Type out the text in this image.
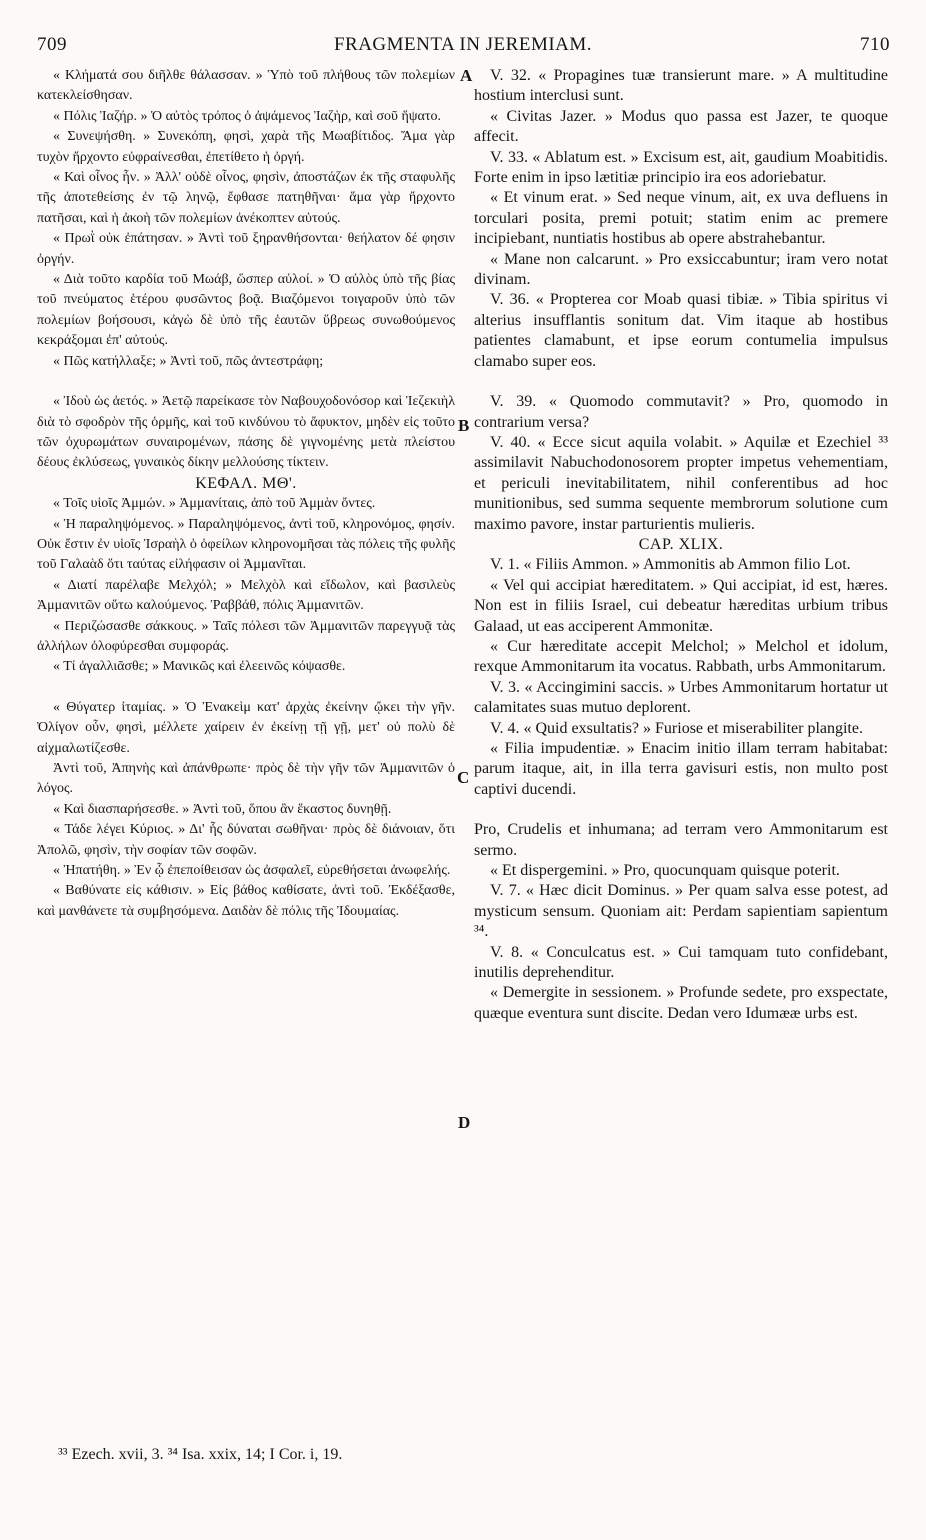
709	FRAGMENTA IN JEREMIAM.	710
A
B
C
D

« Κλήματά σου διῆλθε θάλασσαν. » Ὑπὸ τοῦ πλήθους τῶν πολεμίων κατεκλείσθησαν.

« Πόλις Ἰαζήρ. » Ὁ αὐτὸς τρόπος ὁ ἀψάμενος Ἰαζὴρ, καὶ σοῦ ἥψατο.

« Συνεψήσθη. » Συνεκόπη, φησὶ, χαρὰ τῆς Μωαβίτιδος. Ἅμα γὰρ τυχὸν ἤρχοντο εὐφραίνεσθαι, ἐπετίθετο ἡ ὀργή.

« Καὶ οἶνος ἦν. » Ἀλλ' οὐδὲ οἶνος, φησὶν, ἀποστάζων ἐκ τῆς σταφυλῆς τῆς ἀποτεθείσης ἐν τῷ ληνῷ, ἔφθασε πατηθῆναι· ἅμα γὰρ ἤρχοντο πατῆσαι, καὶ ἡ ἀκοὴ τῶν πολεμίων ἀνέκοπτεν αὐτούς.

« Πρωῒ οὐκ ἐπάτησαν. » Ἀντὶ τοῦ ξηρανθήσονται· θεήλατον δέ φησιν ὀργήν.

« Διὰ τοῦτο καρδία τοῦ Μωάβ, ὥσπερ αὐλοί. » Ὁ αὐλὸς ὑπὸ τῆς βίας τοῦ πνεύματος ἑτέρου φυσῶντος βοᾷ. Βιαζόμενοι τοιγαροῦν ὑπὸ τῶν πολεμίων βοήσουσι, κἀγὼ δὲ ὑπὸ τῆς ἑαυτῶν ὕβρεως συνωθούμενος κεκράξομαι ἐπ' αὐτούς.

« Πῶς κατήλλαξε; » Ἀντὶ τοῦ, πῶς ἀντεστράφη;

« Ἰδοὺ ὡς ἀετός. » Ἀετῷ παρείκασε τὸν Ναβουχοδονόσορ καὶ Ἰεζεκιὴλ διὰ τὸ σφοδρὸν τῆς ὁρμῆς, καὶ τοῦ κινδύνου τὸ ἄφυκτον, μηδὲν εἰς τοῦτο τῶν ὀχυρωμάτων συναιρομένων, πάσης δὲ γιγνομένης μετὰ πλείστου δέους ἐκλύσεως, γυναικὸς δίκην μελλούσης τίκτειν.

ΚΕΦΑΛ. ΜΘ'.

« Τοῖς υἱοῖς Ἀμμών. » Ἀμμανίταις, ἀπὸ τοῦ Ἀμμὰν ὄντες.

« Ἡ παραληψόμενος. » Παραληψόμενος, ἀντὶ τοῦ, κληρονόμος, φησίν. Οὐκ ἔστιν ἐν υἱοῖς Ἰσραὴλ ὁ ὀφείλων κληρονομῆσαι τὰς πόλεις τῆς φυλῆς τοῦ Γαλαὰδ ὅτι ταύτας εἰλήφασιν οἱ Ἀμμανῖται.

« Διατί παρέλαβε Μελχόλ; » Μελχὸλ καὶ εἴδωλον, καὶ βασιλεὺς Ἀμμανιτῶν οὕτω καλούμενος. Ῥαββάθ, πόλις Ἀμμανιτῶν.

« Περιζώσασθε σάκκους. » Ταῖς πόλεσι τῶν Ἀμμανιτῶν παρεγγυᾷ τὰς ἀλλήλων ὀλοφύρεσθαι συμφοράς.

« Τί ἀγαλλιᾶσθε; » Μανικῶς καὶ ἐλεεινῶς κόψασθε.

« Θύγατερ ἰταμίας. » Ὁ Ἐνακεὶμ κατ' ἀρχὰς ἐκείνην ᾤκει τὴν γῆν. Ὀλίγον οὖν, φησὶ, μέλλετε χαίρειν ἐν ἐκείνῃ τῇ γῇ, μετ' οὐ πολὺ δὲ αἰχμαλωτίζεσθε.

Ἀντὶ τοῦ, Ἀπηνὴς καὶ ἀπάνθρωπε· πρὸς δὲ τὴν γῆν τῶν Ἀμμανιτῶν ὁ λόγος.

« Καὶ διασπαρήσεσθε. » Ἀντὶ τοῦ, ὅπου ἂν ἕκαστος δυνηθῇ.

« Τάδε λέγει Κύριος. » Δι' ἧς δύναται σωθῆναι· πρὸς δὲ διάνοιαν, ὅτι Ἀπολῶ, φησὶν, τὴν σοφίαν τῶν σοφῶν.

« Ἠπατήθη. » Ἐν ᾧ ἐπεποίθεισαν ὡς ἀσφαλεῖ, εὑρεθήσεται ἀνωφελής.

« Βαθύνατε εἰς κάθισιν. » Εἰς βάθος καθίσατε, ἀντὶ τοῦ. Ἐκδέξασθε, καὶ μανθάνετε τὰ συμβησόμενα. Δαιδὰν δὲ πόλις τῆς Ἰδουμαίας.

V. 32. « Propagines tuæ transierunt mare. » A multitudine hostium interclusi sunt.

« Civitas Jazer. » Modus quo passa est Jazer, te quoque affecit.

V. 33. « Ablatum est. » Excisum est, ait, gaudium Moabitidis. Forte enim in ipso lætitiæ principio ira eos adoriebatur.

« Et vinum erat. » Sed neque vinum, ait, ex uva defluens in torculari posita, premi potuit; statim enim ac premere incipiebant, nuntiatis hostibus ab opere abstrahebantur.

« Mane non calcarunt. » Pro exsiccabuntur; iram vero notat divinam.

V. 36. « Propterea cor Moab quasi tibiæ. » Tibia spiritus vi alterius insufflantis sonitum dat. Vim itaque ab hostibus patientes clamabunt, et ipse eorum contumelia impulsus clamabo super eos.

V. 39. « Quomodo commutavit? » Pro, quomodo in contrarium versa?

V. 40. « Ecce sicut aquila volabit. » Aquilæ et Ezechiel ³³ assimilavit Nabuchodonosorem propter impetus vehementiam, et periculi inevitabilitatem, nihil conferentibus ad hoc munitionibus, sed summa sequente membrorum solutione cum maximo pavore, instar parturientis mulieris.

CAP. XLIX.

V. 1. « Filiis Ammon. » Ammonitis ab Ammon filio Lot.

« Vel qui accipiat hæreditatem. » Qui accipiat, id est, hæres. Non est in filiis Israel, cui debeatur hæreditas urbium tribus Galaad, ut eas acciperent Ammonitæ.

« Cur hæreditate accepit Melchol; » Melchol et idolum, rexque Ammonitarum ita vocatus. Rabbath, urbs Ammonitarum.

V. 3. « Accingimini saccis. » Urbes Ammonitarum hortatur ut calamitates suas mutuo deplorent.

V. 4. « Quid exsultatis? » Furiose et miserabiliter plangite.

« Filia impudentiæ. » Enacim initio illam terram habitabat: parum itaque, ait, in illa terra gavisuri estis, non multo post captivi ducendi.

Pro, Crudelis et inhumana; ad terram vero Ammonitarum est sermo.

« Et dispergemini. » Pro, quocunquam quisque poterit.

V. 7. « Hæc dicit Dominus. » Per quam salva esse potest, ad mysticum sensum. Quoniam ait: Perdam sapientiam sapientum ³⁴.

V. 8. « Conculcatus est. » Cui tamquam tuto confidebant, inutilis deprehenditur.

« Demergite in sessionem. » Profunde sedete, pro exspectate, quæque eventura sunt discite. Dedan vero Idumææ urbs est.

³³ Ezech. xvii, 3. ³⁴ Isa. xxix, 14; I Cor. i, 19.
